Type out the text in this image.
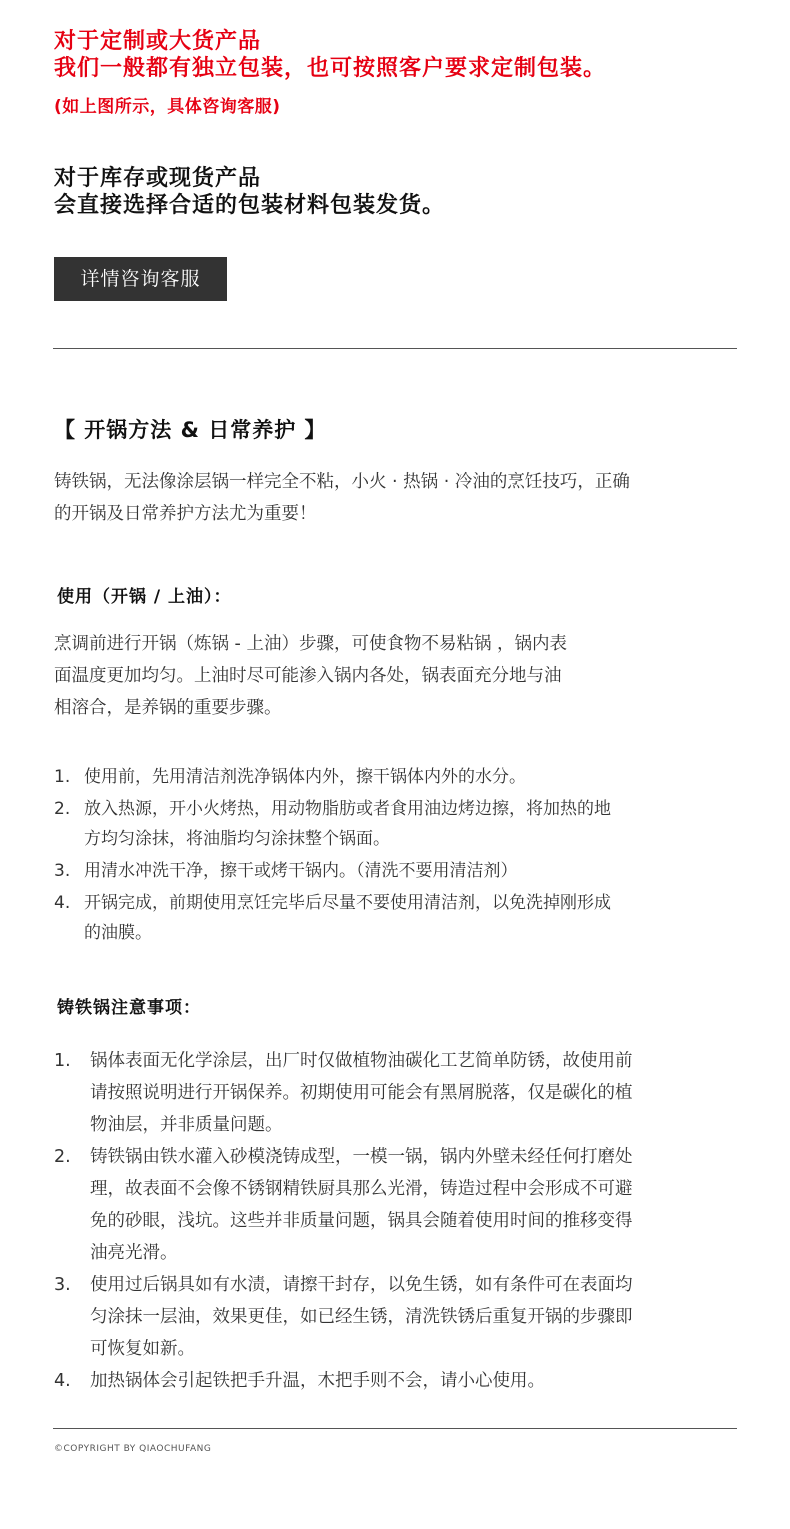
对于定制或大货产品
我们一般都有独立包装，也可按照客户要求定制包装。
(如上图所示，具体咨询客服)
对于库存或现货产品
会直接选择合适的包装材料包装发货。
详情咨询客服
【 开锅方法 & 日常养护 】
铸铁锅，无法像涂层锅一样完全不粘，小火 · 热锅 · 冷油的烹饪技巧，正确
的开锅及日常养护方法尤为重要！
使用（开锅 / 上油）：
烹调前进行开锅（炼锅 - 上油）步骤，可使食物不易粘锅 ，锅内表
面温度更加均匀。上油时尽可能渗入锅内各处，锅表面充分地与油
相溶合，是养锅的重要步骤。
1. 使用前，先用清洁剂洗净锅体内外，擦干锅体内外的水分。
2. 放入热源，开小火烤热，用动物脂肪或者食用油边烤边擦，将加热的地
方均匀涂抹，将油脂均匀涂抹整个锅面。
3. 用清水冲洗干净，擦干或烤干锅内。（清洗不要用清洁剂）
4. 开锅完成，前期使用烹饪完毕后尽量不要使用清洁剂，以免洗掉刚形成
的油膜。
铸铁锅注意事项：
1. 锅体表面无化学涂层，出厂时仅做植物油碳化工艺简单防锈，故使用前
请按照说明进行开锅保养。初期使用可能会有黑屑脱落，仅是碳化的植
物油层，并非质量问题。
2. 铸铁锅由铁水灌入砂模浇铸成型，一模一锅，锅内外壁未经任何打磨处
理，故表面不会像不锈钢精铁厨具那么光滑，铸造过程中会形成不可避
免的砂眼，浅坑。这些并非质量问题，锅具会随着使用时间的推移变得
油亮光滑。
3. 使用过后锅具如有水渍，请擦干封存，以免生锈，如有条件可在表面均
匀涂抹一层油，效果更佳，如已经生锈，清洗铁锈后重复开锅的步骤即
可恢复如新。
4. 加热锅体会引起铁把手升温，木把手则不会，请小心使用。
©COPYRIGHT BY QIAOCHUFANG
